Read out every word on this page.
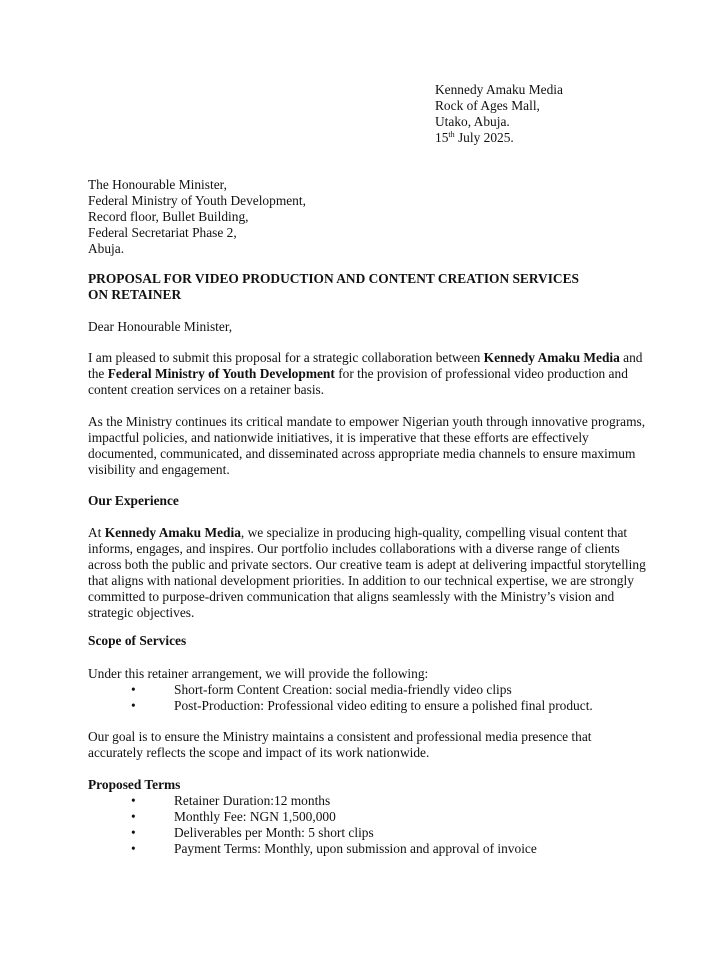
Kennedy Amaku Media
Rock of Ages Mall,
Utako, Abuja.
15th July 2025.
The Honourable Minister,
Federal Ministry of Youth Development,
Record floor, Bullet Building,
Federal Secretariat Phase 2,
Abuja.
PROPOSAL FOR VIDEO PRODUCTION AND CONTENT CREATION SERVICES
ON RETAINER
Dear Honourable Minister,
I am pleased to submit this proposal for a strategic collaboration between Kennedy Amaku Media and the Federal Ministry of Youth Development for the provision of professional video production and content creation services on a retainer basis.
As the Ministry continues its critical mandate to empower Nigerian youth through innovative programs, impactful policies, and nationwide initiatives, it is imperative that these efforts are effectively documented, communicated, and disseminated across appropriate media channels to ensure maximum visibility and engagement.
Our Experience
At Kennedy Amaku Media, we specialize in producing high-quality, compelling visual content that informs, engages, and inspires. Our portfolio includes collaborations with a diverse range of clients across both the public and private sectors. Our creative team is adept at delivering impactful storytelling that aligns with national development priorities. In addition to our technical expertise, we are strongly committed to purpose-driven communication that aligns seamlessly with the Ministry’s vision and strategic objectives.
Scope of Services
Under this retainer arrangement, we will provide the following:
•	Short-form Content Creation: social media-friendly video clips
•	Post-Production: Professional video editing to ensure a polished final product.
Our goal is to ensure the Ministry maintains a consistent and professional media presence that accurately reflects the scope and impact of its work nationwide.
Proposed Terms
•	Retainer Duration:12 months
•	Monthly Fee: NGN 1,500,000
•	Deliverables per Month: 5 short clips
•	Payment Terms: Monthly, upon submission and approval of invoice
